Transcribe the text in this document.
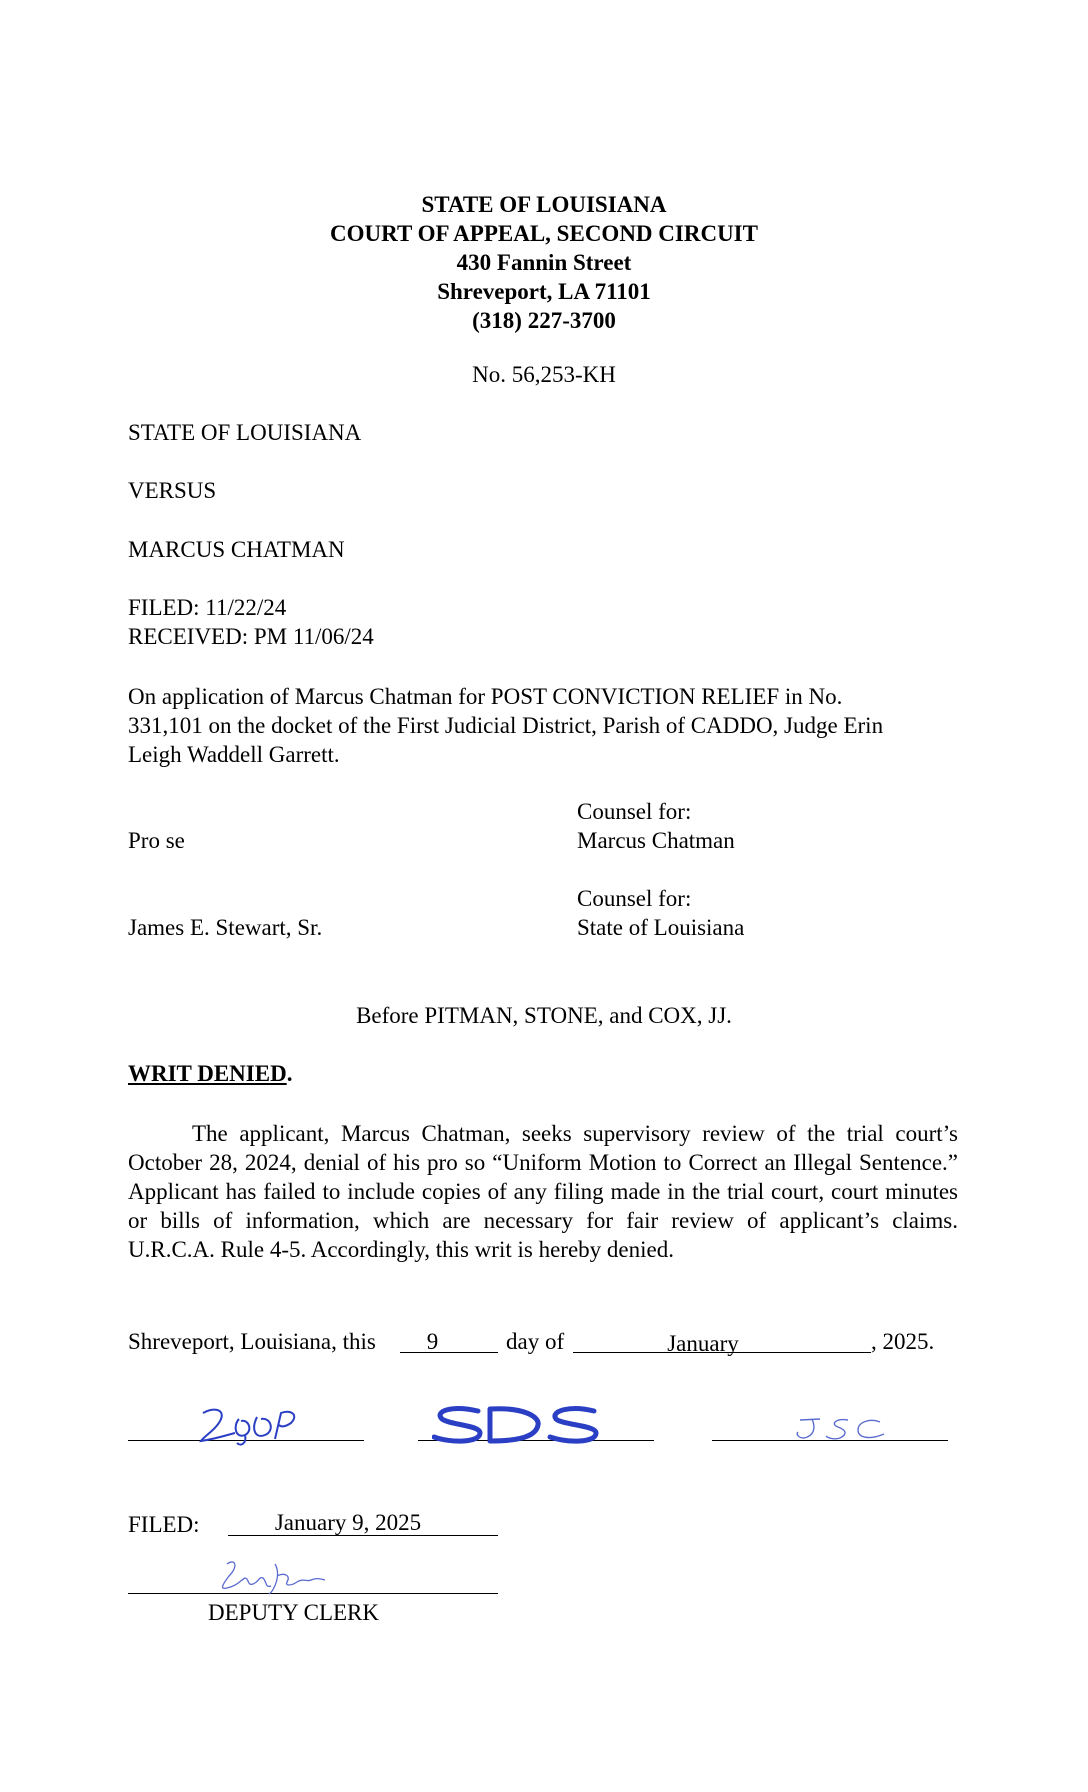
STATE OF LOUISIANA
COURT OF APPEAL, SECOND CIRCUIT
430 Fannin Street
Shreveport, LA 71101
(318) 227-3700
No. 56,253-KH
STATE OF LOUISIANA
VERSUS
MARCUS CHATMAN
FILED: 11/22/24
RECEIVED: PM 11/06/24
On application of Marcus Chatman for POST CONVICTION RELIEF in No. 331,101 on the docket of the First Judicial District, Parish of CADDO, Judge Erin Leigh Waddell Garrett.
Counsel for:
Pro se	Marcus Chatman
Counsel for:
James E. Stewart, Sr.	State of Louisiana
Before PITMAN, STONE, and COX, JJ.
WRIT DENIED.
The applicant, Marcus Chatman, seeks supervisory review of the trial court’s October 28, 2024, denial of his pro so “Uniform Motion to Correct an Illegal Sentence.” Applicant has failed to include copies of any filing made in the trial court, court minutes or bills of information, which are necessary for fair review of applicant’s claims. U.R.C.A. Rule 4-5. Accordingly, this writ is hereby denied.
Shreveport, Louisiana, this	9	day of	January	, 2025.
FILED:	January 9, 2025
DEPUTY CLERK
